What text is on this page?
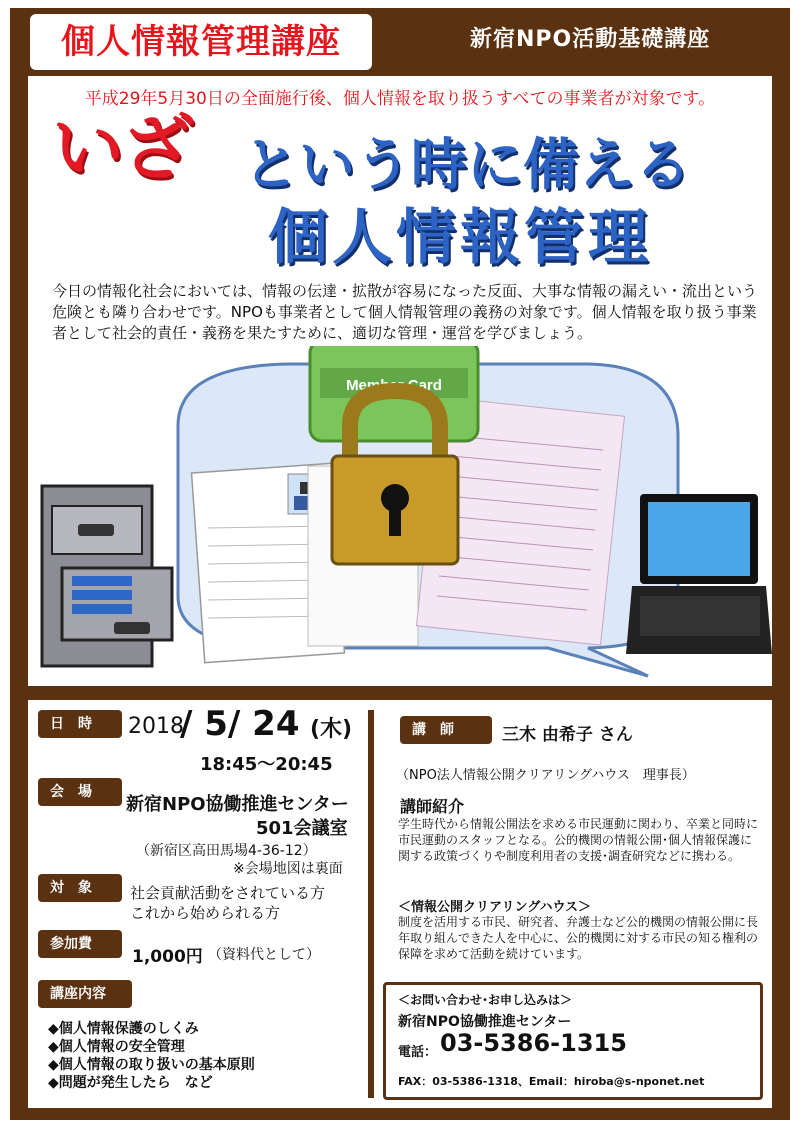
個人情報管理講座	新宿NPO活動基礎講座
平成29年5月30日の全面施行後、個人情報を取り扱うすべての事業者が対象です。
いざ という時に備える
個人情報管理
今日の情報化社会においては、情報の伝達・拡散が容易になった反面、大事な情報の漏えい・流出という危険とも隣り合わせです。NPOも事業者として個人情報管理の義務の対象です。個人情報を取り扱う事業者として社会的責任・義務を果たすために、適切な管理・運営を学びましょう。
Member Card
日　時	2018
/ 5/ 24 (木)
18:45〜20:45
会　場
新宿NPO協働推進センター
501会議室
（新宿区高田馬場4-36-12）
※会場地図は裏面
対　象	社会貢献活動をされている方
これから始められる方
参加費
1,000円 （資料代として）
講座内容
◆個人情報保護のしくみ
◆個人情報の安全管理
◆個人情報の取り扱いの基本原則
◆問題が発生したら　など
講　師	三木 由希子 さん
（NPO法人情報公開クリアリングハウス　理事長）
講師紹介
学生時代から情報公開法を求める市民運動に関わり、卒業と同時に市民運動のスタッフとなる。公的機関の情報公開･個人情報保護に関する政策づくりや制度利用者の支援･調査研究などに携わる。
＜情報公開クリアリングハウス＞
制度を活用する市民、研究者、弁護士など公的機関の情報公開に長年取り組んできた人を中心に、公的機関に対する市民の知る権利の保障を求めて活動を続けています。
＜お問い合わせ･お申し込みは＞
新宿NPO協働推進センター
電話： 03-5386-1315
FAX：03-5386-1318、Email：hiroba@s-nponet.net
